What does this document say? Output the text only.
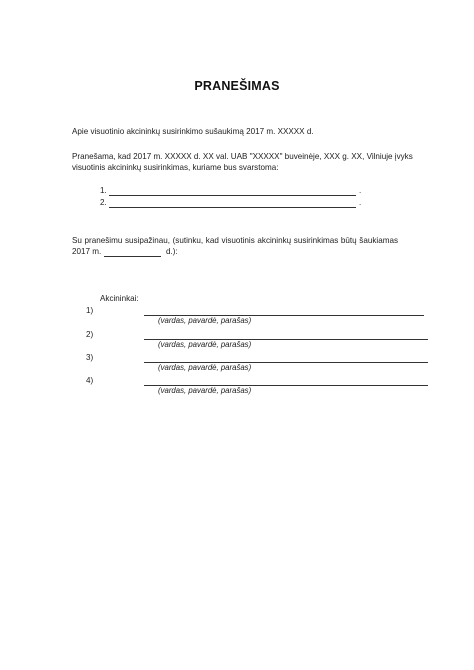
PRANEŠIMAS
Apie visuotinio akcininkų susirinkimo sušaukimą 2017 m. XXXXX d.
Pranešama, kad 2017 m. XXXXX d. XX val. UAB "XXXXX" buveinėje, XXX g. XX, Vilniuje įvyks
visuotinis akcininkų susirinkimas, kuriame bus svarstoma:
1.	.
2.	.
Su pranešimu susipažinau, (sutinku, kad visuotinis akcininkų susirinkimas būtų šaukiamas
2017 m.	d.):
Akcininkai:
1)
(vardas, pavardė, parašas)
2)
(vardas, pavardė, parašas)
3)
(vardas, pavardė, parašas)
4)
(vardas, pavardė, parašas)
